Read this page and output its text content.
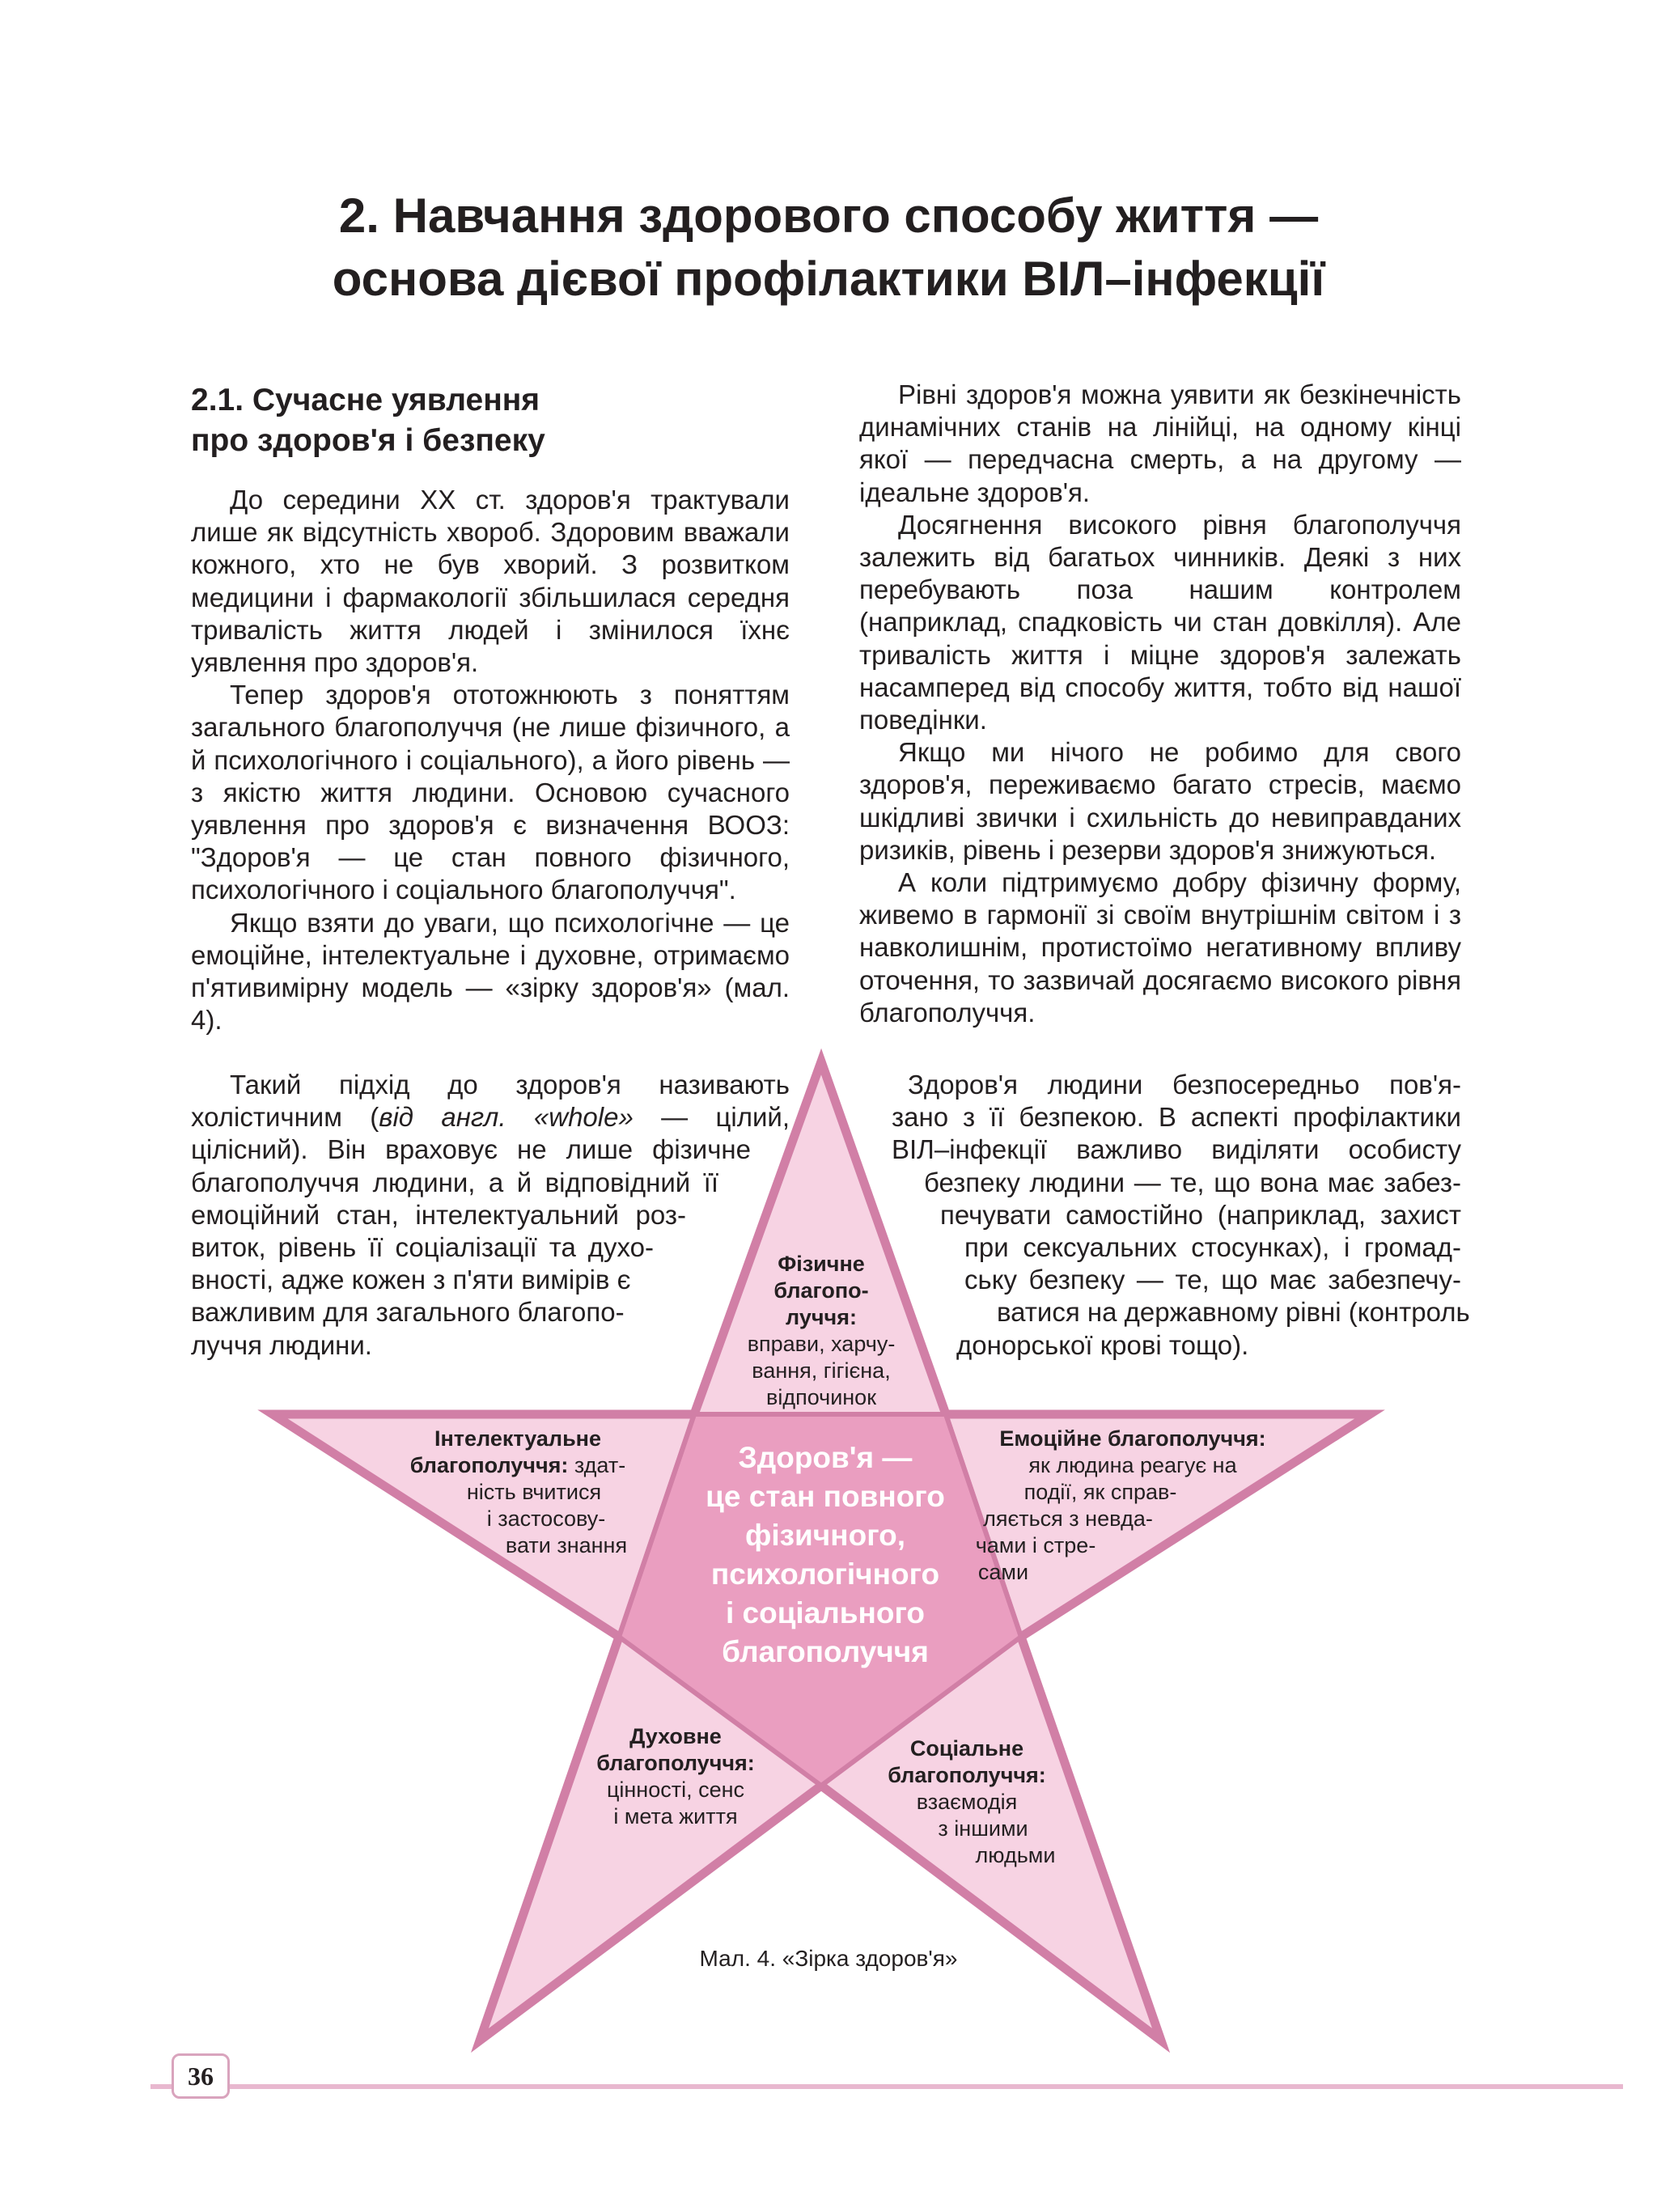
2. Навчання здорового способу життя —
основа дієвої профілактики ВІЛ–інфекції
2.1. Сучасне уявлення
про здоров'я і безпеку

До середини XX ст. здоров'я трактували лише як відсутність хвороб. Здоровим вважали кожного, хто не був хворий. З розвитком медицини і фармакології збільшилася середня тривалість життя людей і змінилося їхнє уявлення про здоров'я.

Тепер здоров'я ототожнюють з поняттям загального благополуччя (не лише фізичного, а й психологічного і соціального), а його рівень — з якістю життя людини. Основою сучасного уявлення про здоров'я є визначення ВООЗ: "Здоров'я — це стан повного фізичного, психологічного і соціального благополуччя".

Якщо взяти до уваги, що психологічне — це емоційне, інтелектуальне і духовне, отримаємо п'ятивимірну модель — «зірку здоров'я» (мал. 4).

Рівні здоров'я можна уявити як безкінечність динамічних станів на лінійці, на одному кінці якої — передчасна смерть, а на другому — ідеальне здоров'я.

Досягнення високого рівня благополуччя залежить від багатьох чинників. Деякі з них перебувають поза нашим контролем (наприклад, спадковість чи стан довкілля). Але тривалість життя і міцне здоров'я залежать насамперед від способу життя, тобто від нашої поведінки.

Якщо ми нічого не робимо для свого здоров'я, переживаємо багато стресів, маємо шкідливі звички і схильність до невиправданих ризиків, рівень і резерви здоров'я знижуються.

А коли підтримуємо добру фізичну форму, живемо в гармонії зі своїм внутрішнім світом і з навколишнім, протистоїмо негативному впливу оточення, то зазвичай досягаємо високого рівня благополуччя.

Такий підхід до здоров'я називають
холістичним (від англ. «whole» — цілий,
цілісний). Він враховує не лише фізичне
благополуччя людини, а й відповідний її
емоційний стан, інтелектуальний роз-
виток, рівень її соціалізації та духо-
вності, адже кожен з п'яти вимірів є
важливим для загального благопо-
луччя людини.
Здоров'я людини безпосередньо пов'я-
зано з її безпекою. В аспекті профілактики
ВІЛ–інфекції важливо виділяти особисту
безпеку людини — те, що вона має забез-
печувати самостійно (наприклад, захист
при сексуальних стосунках), і громад-
ську безпеку — те, що має забезпечу-
ватися на державному рівні (контроль
донорської крові тощо).
Здоров'я —
це стан повного
фізичного,
психологічного
і соціального
благополуччя
Фізичне
благопо-
луччя:
вправи, харчу-
вання, гігієна,
відпочинок
Інтелектуальне
благополуччя: здат-
ність вчитися
і застосову-
вати знання
Емоційне благополуччя:
як людина реагує на
події, як справ-
ляється з невда-
чами і стре-
сами
Духовне
благополуччя:
цінності, сенс
і мета життя
Соціальне
благополуччя:
взаємодія
з іншими
людьми
Мал. 4. «Зірка здоров'я»
36
